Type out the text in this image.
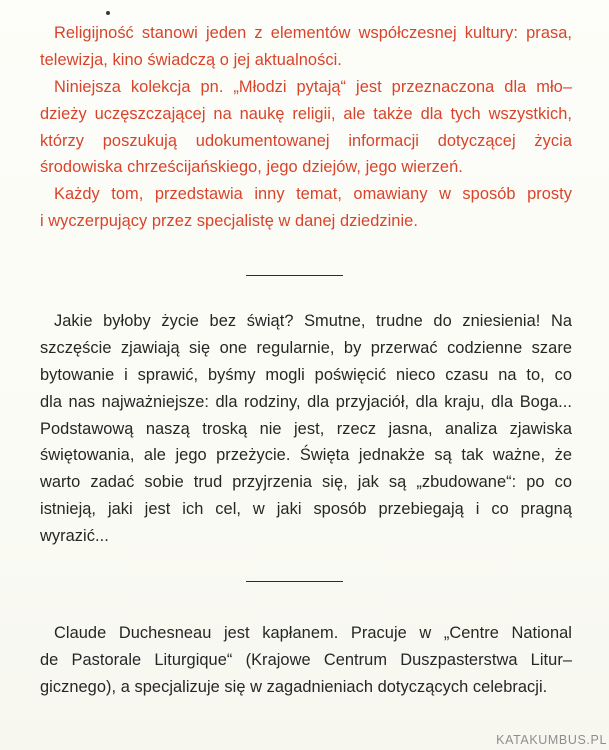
Religijność stanowi jeden z elementów współczesnej kultury: prasa,
telewizja, kino świadczą o jej aktualności.
Niniejsza kolekcja pn. „Młodzi pytają“ jest przeznaczona dla mło–
dzieży uczęszczającej na naukę religii, ale także dla tych wszystkich,
którzy poszukują udokumentowanej informacji dotyczącej życia
środowiska chrześcijańskiego, jego dziejów, jego wierzeń.
Każdy tom, przedstawia inny temat, omawiany w sposób prosty
i wyczerpujący przez specjalistę w danej dziedzinie.
Jakie byłoby życie bez świąt? Smutne, trudne do zniesienia! Na
szczęście zjawiają się one regularnie, by przerwać codzienne szare
bytowanie i sprawić, byśmy mogli poświęcić nieco czasu na to, co
dla nas najważniejsze: dla rodziny, dla przyjaciół, dla kraju, dla Boga...
Podstawową naszą troską nie jest, rzecz jasna, analiza zjawiska
świętowania, ale jego przeżycie. Święta jednakże są tak ważne, że
warto zadać sobie trud przyjrzenia się, jak są „zbudowane“: po co
istnieją, jaki jest ich cel, w jaki sposób przebiegają i co pragną
wyrazić...
Claude Duchesneau jest kapłanem. Pracuje w „Centre National
de Pastorale Liturgique“ (Krajowe Centrum Duszpasterstwa Litur–
gicznego), a specjalizuje się w zagadnieniach dotyczących celebracji.
KATAKUMBUS.PL
